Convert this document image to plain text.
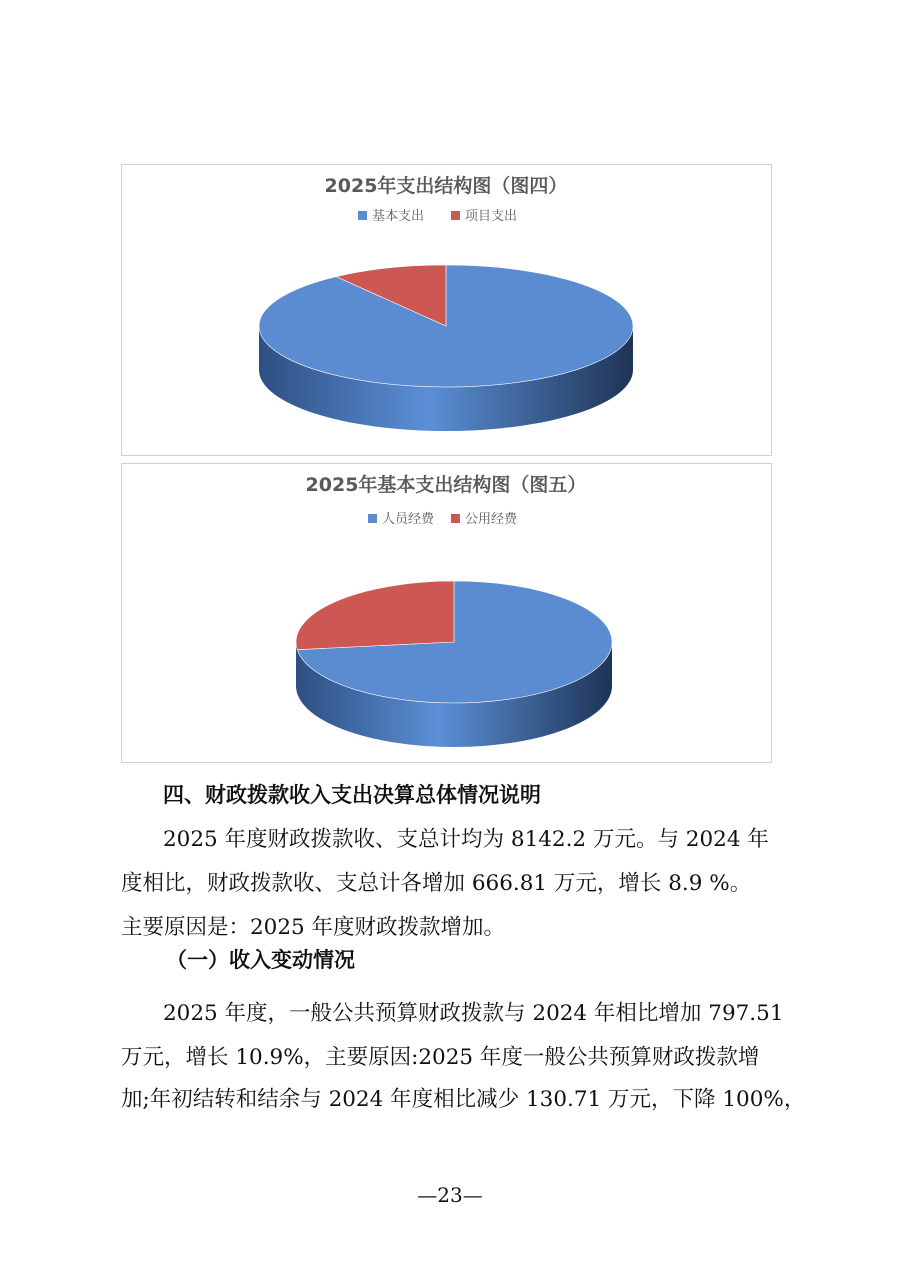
2025年支出结构图（图四）
基本支出	项目支出
2025年基本支出结构图（图五）
人员经费 公用经费
四、财政拨款收入支出决算总体情况说明
2025 年度财政拨款收、支总计均为 8142.2 万元。与 2024 年
度相比，财政拨款收、支总计各增加 666.81 万元，增长 8.9 %。
主要原因是：2025 年度财政拨款增加。
（一）收入变动情况
2025 年度，一般公共预算财政拨款与 2024 年相比增加 797.51
万元，增长 10.9%，主要原因:2025 年度一般公共预算财政拨款增
加;年初结转和结余与 2024 年度相比减少 130.71 万元，下降 100%，
—23—
